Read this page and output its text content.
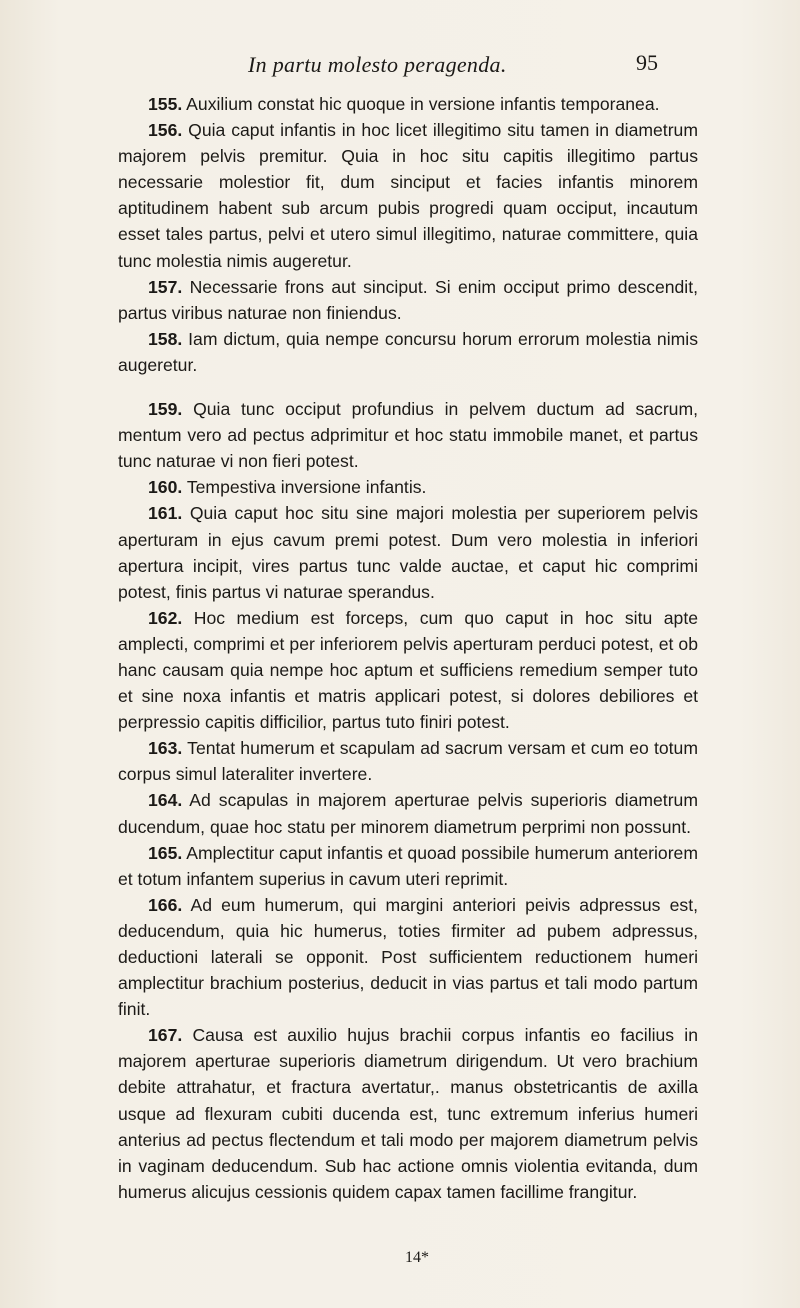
In partu molesto peragenda.	95

155. Auxilium constat hic quoque in versione infantis temporanea.

156. Quia caput infantis in hoc licet illegitimo situ tamen in diametrum majorem pelvis premitur. Quia in hoc situ capitis illegitimo partus necessarie molestior fit, dum sinciput et facies infantis minorem aptitudinem habent sub arcum pubis progredi quam occiput, incautum esset tales partus, pelvi et utero simul illegitimo, naturae committere, quia tunc molestia nimis augeretur.

157. Necessarie frons aut sinciput. Si enim occiput primo descendit, partus viribus naturae non finiendus.

158. Iam dictum, quia nempe concursu horum errorum molestia nimis augeretur.

159. Quia tunc occiput profundius in pelvem ductum ad sacrum, mentum vero ad pectus adprimitur et hoc statu immobile manet, et partus tunc naturae vi non fieri potest.

160. Tempestiva inversione infantis.

161. Quia caput hoc situ sine majori molestia per superiorem pelvis aperturam in ejus cavum premi potest. Dum vero molestia in inferiori apertura incipit, vires partus tunc valde auctae, et caput hic comprimi potest, finis partus vi naturae sperandus.

162. Hoc medium est forceps, cum quo caput in hoc situ apte amplecti, comprimi et per inferiorem pelvis aperturam perduci potest, et ob hanc causam quia nempe hoc aptum et sufficiens remedium semper tuto et sine noxa infantis et matris applicari potest, si dolores debiliores et perpressio capitis difficilior, partus tuto finiri potest.

163. Tentat humerum et scapulam ad sacrum versam et cum eo totum corpus simul lateraliter invertere.

164. Ad scapulas in majorem aperturae pelvis superioris diametrum ducendum, quae hoc statu per minorem diametrum perprimi non possunt.

165. Amplectitur caput infantis et quoad possibile humerum anteriorem et totum infantem superius in cavum uteri reprimit.

166. Ad eum humerum, qui margini anteriori peivis adpressus est, deducendum, quia hic humerus, toties firmiter ad pubem adpressus, deductioni laterali se opponit. Post sufficientem reductionem humeri amplectitur brachium posterius, deducit in vias partus et tali modo partum finit.

167. Causa est auxilio hujus brachii corpus infantis eo facilius in majorem aperturae superioris diametrum dirigendum. Ut vero brachium debite attrahatur, et fractura avertatur,. manus obstetricantis de axilla usque ad flexuram cubiti ducenda est, tunc extremum inferius humeri anterius ad pectus flectendum et tali modo per majorem diametrum pelvis in vaginam deducendum. Sub hac actione omnis violentia evitanda, dum humerus alicujus cessionis quidem capax tamen facillime frangitur.

14*
